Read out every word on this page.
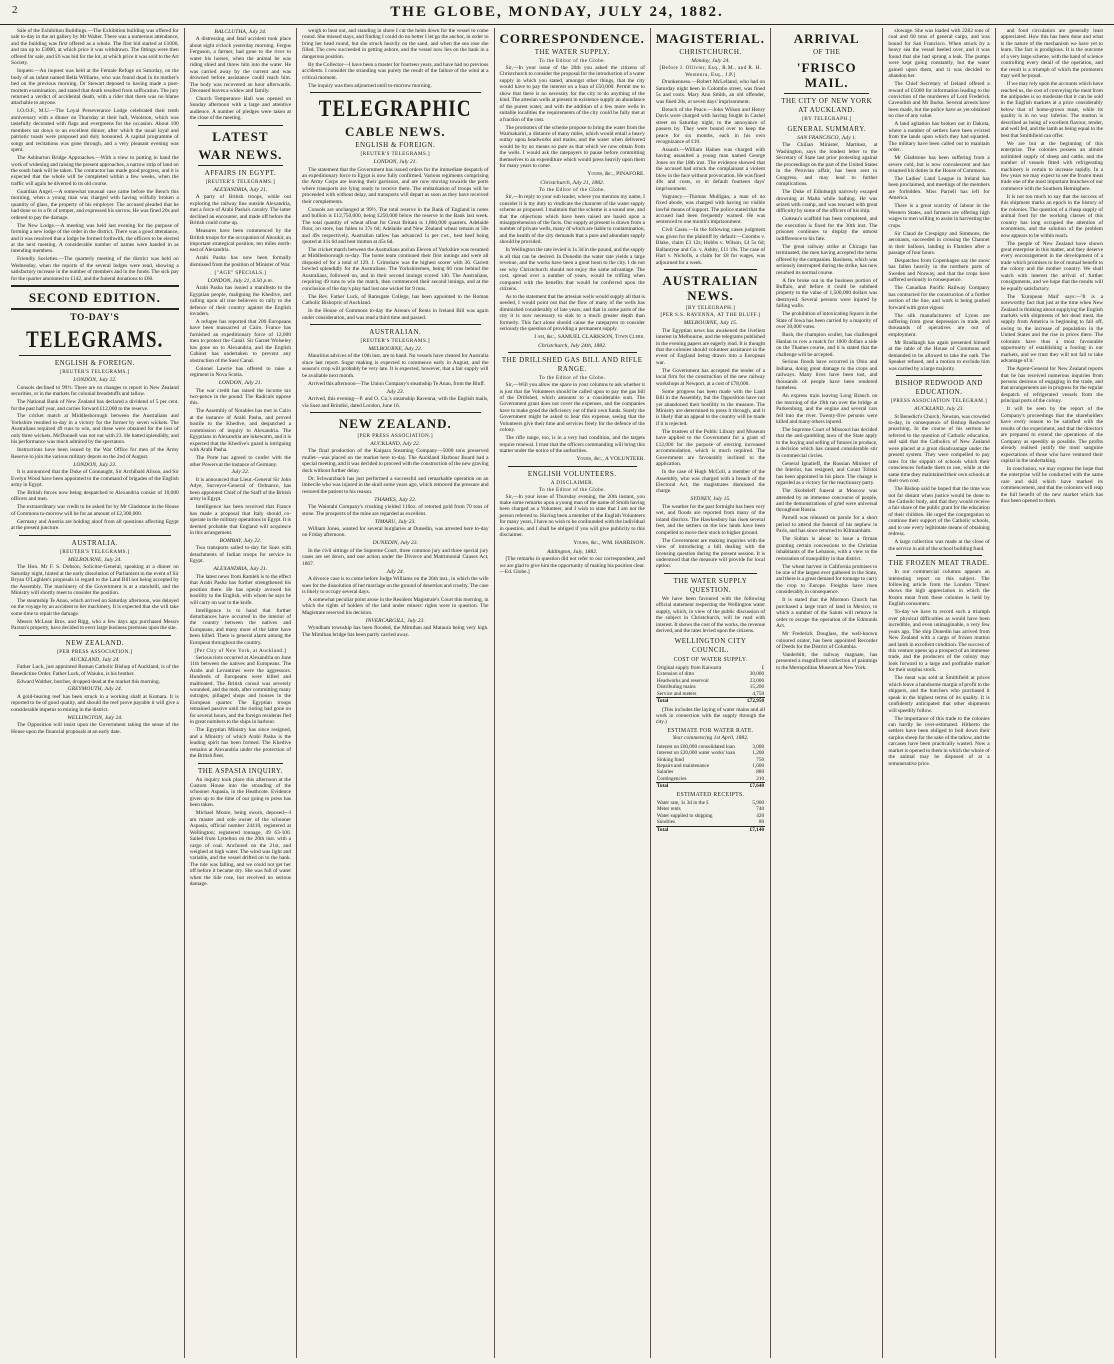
2	THE GLOBE, MONDAY, JULY 24, 1882.
Sale of the Exhibition Buildings.—The Exhibition building was offered for sale to-day in the art gallery by Mr Walter. There was a numerous attendance, and the building was first offered as a whole. The first bid started at £1000, and ran up to £3000, at which price it was withdrawn. The fittings were then offered for sale, and £6 was bid for the lot, at which price it was sold to the Art Society.
Inquest.—An inquest was held at the Female Refuge on Saturday, on the body of an infant named Bella Williams, who was found dead in its mother's bed on the previous morning. Dr Stewart deposed to having made a post-mortem examination, and stated that death resulted from suffocation. The jury returned a verdict of accidental death, with a rider that there was no blame attachable to anyone.
I.O.O.F., M.U.—The Loyal Perseverance Lodge celebrated their tenth anniversary with a dinner on Thursday at their hall, Woolston, which was tastefully decorated with flags and evergreens for the occasion. About 100 members sat down to an excellent dinner, after which the usual loyal and patriotic toasts were proposed and duly honoured. A capital programme of songs and recitations was gone through, and a very pleasant evening was spent.
The Ashburton Bridge Approaches.—With a view to putting in hand the work of widening and raising the present approaches, a narrow strip of land on the south bank will be taken. The contractor has made good progress, and it is expected that the whole will be completed within a few weeks, when the traffic will again be diverted to its old course.
Guardian Angel.—A somewhat unusual case came before the Bench this morning, when a young man was charged with having wilfully broken a quantity of glass, the property of his employer. The accused pleaded that he had done so in a fit of temper, and expressed his sorrow. He was fined 20s and ordered to pay the damage.
The New Lodge.—A meeting was held last evening for the purpose of forming a new lodge of the order in the district. There was a good attendance, and it was resolved that a lodge be formed forthwith, the officers to be elected at the next meeting. A considerable number of names were handed in as intending members.
Friendly Societies.—The quarterly meeting of the district was held on Wednesday, when the reports of the several lodges were read, showing a satisfactory increase in the number of members and in the funds. The sick pay for the quarter amounted to £142, and the funeral donations to £60.
SECOND EDITION.
TO-DAY'S
TELEGRAMS.
ENGLISH & FOREIGN.
[REUTER'S TELEGRAMS.]
LONDON, July 22.
Consols declined to 99½. There are no changes to report in New Zealand securities, or in the markets for colonial breadstuffs and tallow.
The National Bank of New Zealand has declared a dividend of 5 per cent. for the past half year, and carries forward £12,000 to the reserve.
The cricket match at Middlesborough between the Australians and Yorkshire resulted to-day in a victory for the former by seven wickets. The Australians required 49 runs to win, and these were obtained for the loss of only three wickets. McDonnell was not out with 23. He batted splendidly, and his performance was much admired by the spectators.
Instructions have been issued by the War Office for men of the Army Reserve to join the various military depots on the 2nd of August.
LONDON, July 23.
It is announced that the Duke of Connaught, Sir Archibald Alison, and Sir Evelyn Wood have been appointed to the command of brigades of the English army in Egypt.
The British forces now being despatched to Alexandria consist of 10,000 officers and men.
The extraordinary war credit to be asked for by Mr Gladstone in the House of Commons to-morrow will be for an amount of £2,300,000.
Germany and Austria are holding aloof from all questions affecting Egypt at the present juncture.
AUSTRALIA.
[REUTER'S TELEGRAMS.]
MELBOURNE, July 24.
The Hon. Mr F. S. Dobson, Solicitor-General, speaking at a dinner on Saturday night, hinted at the early dissolution of Parliament in the event of Sir Bryan O'Loghlen's proposals in regard to the Land Bill not being accepted by the Assembly. The machinery of the Government is at a standstill, and the Ministry will shortly meet to consider the position.
The steamship Te Anau, which arrived on Saturday afternoon, was delayed on the voyage by an accident to her machinery. It is expected that she will take some time to repair the damage.
Messrs McLean Bros. and Rigg, who a few days ago purchased Messrs Paxton's property, have decided to erect large business premises upon the site.
NEW ZEALAND.
[PER PRESS ASSOCIATION.]
AUCKLAND, July 24.
Father Luck, just appointed Roman Catholic Bishop of Auckland, is of the Benedictine Order. Father Luck, of Waiuku, is his brother.
Edward Walther, butcher, dropped dead at the market this morning.
GREYMOUTH, July 24.
A gold-bearing reef has been struck in a working shaft at Kumara. It is reported to be of good quality, and should the reef prove payable it will give a considerable impetus to mining in the district.
WELLINGTON, July 24.
The Opposition will insist upon the Government taking the sense of the House upon the financial proposals at an early date.
BALCLUTHA, July 24.
A distressing and fatal accident took place about eight o'clock yesterday morning. Fergus Ferguson, a farmer, had gone to the river to water his horses, when the animal he was riding shied and threw him into the water. He was carried away by the current and was drowned before assistance could reach him. The body was recovered an hour afterwards. Deceased leaves a widow and family.
Church Temperance Hall was opened on Sunday afternoon with a large and attentive audience. A number of pledges were taken at the close of the meeting.
LATEST
WAR NEWS.
AFFAIRS IN EGYPT.
[REUTER'S TELEGRAMS.]
ALEXANDRIA, July 21.
A party of British troops, while out exploring the railway line outside Alexandria, met a force of Arabi Pasha's cavalry. The latter declined an encounter, and made off before the British could come up.
Measures have been commenced by the British troops for the occupation of Aboukir, an important strategical position, ten miles north-east of Alexandria.
Arabi Pasha has now been formally dismissed from the position of Minister of War.
["AGE" SPECIALS.]
LONDON, July 21, 4.50 p.m.
Arabi Pasha has issued a manifesto to the Egyptian people, maligning the Khedive, and calling upon all true believers to rally to the defence of their country against the English invaders.
A refugee has reported that 200 Europeans have been massacred at Cairo. France has furnished an expeditionary force of 12,000 men to protect the Canal. Sir Garnet Wolseley has gone on to Alexandria, and the English Cabinet has undertaken to prevent any obstruction of the Suez Canal.
Colonel Lawrie has offered to raise a regiment in Nova Scotia.
LONDON, July 21.
The war credit has raised the income tax two-pence in the pound. The Radicals oppose this.
The Assembly of Notables has met in Cairo at the instance of Arabi Pasha, and proved hostile to the Khedive, and despatched a commission of inquiry to Alexandria. The Egyptians in Alexandria are lukewarm, and it is expected that the Khedive's guard is intriguing with Arabi Pasha.
The Porte has agreed to confer with the other Powers at the instance of Germany.
July 22.
It is announced that Lieut.-General Sir John Adye, Surveyor-General of Ordnance, has been appointed Chief of the Staff of the British army in Egypt.
Intelligence has been received that France has made a proposal that Italy should co-operate in the military operations in Egypt. It is deemed probable that England will acquiesce in this arrangement.
BOMBAY, July 22.
Two transports sailed to-day for Suez with detachments of Indian troops for service in Egypt.
ALEXANDRIA, July 21.
The latest news from Ramleh is to the effect that Arabi Pasha has further strengthened his position there. He has openly avowed his hostility to the English, with whom he says he will carry on war to the knife.
Intelligence is to hand that further disturbances have occurred in the interior of the country between the natives and Europeans, and many more of the latter have been killed. There is general alarm among the European throughout the country.
[Per City of New York, at Auckland.]
Serious riots occurred at Alexandria on June 11th between the natives and Europeans. The Arabs and Levantines were the aggressors. Hundreds of Europeans were killed and maltreated. The British consul was severely wounded, and the mob, after committing many outrages, pillaged shops and houses in the European quarter. The Egyptian troops remained passive until the rioting had gone on for several hours, and the foreign residents fled in great numbers to the ships in harbour.
The Egyptian Ministry has since resigned, and a Ministry of which Arabi Pasha is the leading spirit has been formed. The Khedive remains at Alexandria under the protection of the British fleet.
THE ASPASIA INQUIRY.
An inquiry took place this afternoon at the Custom House into the stranding of the schooner Aspasia, in the Heathcote. Evidence given up to the time of our going to press has been taken.
Michael Moore, being sworn, deposed—I am master and sole owner of the schooner Aspasia, official number 24410, registered at Wellington; registered tonnage, 49 63-100. Sailed from Lyttelton on the 20th inst. with a cargo of coal. Anchored on the 21st, and weighed at high water. The wind was light and variable, and the vessel drifted on to the bank. The tide was falling, and we could not get her off before it became dry. She was full of water when the tide rose, but received no serious damage.
weigh to beat out, and standing in shore I cut the helm down for the vessel to come round. She missed stays, and finding I could do no better I let go the anchor, in order to bring her head round, but she struck heavily on the sand, and when the sea rose she filled. The crew succeeded in getting ashore, and the vessel now lies on the bank in a dangerous position.
By the Collector—I have been a master for fourteen years, and have had no previous accidents. I consider the stranding was purely the result of the failure of the wind at a critical moment.
The inquiry was then adjourned until to-morrow morning.
TELEGRAPHIC
CABLE NEWS.
ENGLISH & FOREIGN.
[REUTER'S TELEGRAMS.]
LONDON, July 21.
The statement that the Government has issued orders for the immediate despatch of an expeditionary force to Egypt is now fully confirmed. Various regiments comprising the Army Corps are leaving their garrisons, and are now moving towards the ports where transports are lying ready to receive them. The embarkation of troops will be proceeded with without delay, and transports will depart as soon as they have received their complements.
Consols are unchanged at 99½. The total reserve in the Bank of England in notes and bullion is £12,750,000, being £250,000 below the reserve in the Bank last week. The total quantity of wheat afloat for Great Britain is 1,860,000 quarters. Adelaide flour, on store, has fallen to 37s 6d; Adelaide and New Zealand wheat remain at 50s and 49s respectively. Australian tallow has advanced 1s per cwt., best beef being quoted at 41s 6d and best mutton at 45s 6d.
The cricket match between the Australians and an Eleven of Yorkshire was resumed at Middlesborough to-day. The home team continued their first innings and were all disposed of for a total of 129. J. Grimshaw was the highest scorer with 36. Garrett bowled splendidly for the Australians. The Yorkshiremen, being 66 runs behind the Australians, followed on, and in their second innings scored 140. The Australians, requiring 49 runs to win the match, then commenced their second innings, and at the conclusion of the day's play had lost one wicket for 9 runs.
The Rev. Father Luck, of Ramsgate College, has been appointed to the Roman Catholic Bishopric of Auckland.
In the House of Commons to-day the Arrears of Rents in Ireland Bill was again under consideration, and was read a third time and passed.
AUSTRALIAN.
[REUTER'S TELEGRAMS.]
MELBOURNE, July 22.
Mauritius advices of the 10th inst. are to hand. No vessels have cleared for Australia since last report. Sugar making is expected to commence early in August, and the season's crop will probably be very late. It is expected, however, that a fair supply will be available next month.
Arrived this afternoon—The Union Company's steamship Te Anau, from the Bluff.
July 23.
Arrived, this evening—P. and O. Co.'s steamship Ravenna, with the English mails, via Suez and Brindisi, dated London, June 16.
NEW ZEALAND.
[PER PRESS ASSOCIATION.]
AUCKLAND, July 22.
The final production of the Kaipara Steaming Company—5000 tons preserved mullet—was placed on the market here to-day. The Auckland Harbour Board had a special meeting, and it was decided to proceed with the construction of the new graving dock without further delay.
Dr. Schwarzbach has just performed a successful and remarkable operation on an imbecile who was injured in the skull some years ago, which removed the pressure and restored the patient to his reason.
THAMES, July 22.
The Waiotahi Company's crushing yielded 116oz. of retorted gold from 70 tons of stone. The prospects of the mine are regarded as excellent.
TIMARU, July 23.
William Jones, wanted for several burglaries at Dunedin, was arrested here to-day on Friday afternoon.
DUNEDIN, July 23.
In the civil sittings of the Supreme Court, three common jury and three special jury cases are set down, and one action under the Divorce and Matrimonial Causes Act, 1867.
July 24.
A divorce case is to come before Judge Williams on the 26th inst., in which the wife sues for the dissolution of her marriage on the ground of desertion and cruelty. The case is likely to occupy several days.
A somewhat peculiar point arose in the Resident Magistrate's Court this morning, in which the rights of holders of the land under miners' rights were in question. The Magistrate reserved his decision.
INVERCARGILL, July 23.
Wyndham township has been flooded, the Mimihau and Mataura being very high. The Mimihau bridge has been partly carried away.
CORRESPONDENCE.
THE WATER SUPPLY.
To the Editor of the Globe.
Sir,—In your issue of the 20th you asked the citizens of Christchurch to consider the proposal for the introduction of a water supply in which you stated, amongst other things, that the city would have to pay the interest on a loan of £50,000. Permit me to show that there is no necessity for the city to do anything of the kind. The artesian wells at present in existence supply an abundance of the purest water, and with the addition of a few more wells in suitable localities the requirements of the city could be fully met at a fraction of the cost.
The promoters of the scheme propose to bring the water from the Waimakariri, a distance of many miles, which would entail a heavy outlay upon headworks and mains, and the water when delivered would be by no means so pure as that which we now obtain from the wells. I would ask the ratepayers to pause before committing themselves to an expenditure which would press heavily upon them for many years to come.
Yours, &c., PINAFORE.
Christchurch, July 21, 1882.
To the Editor of the Globe.
Sir,—In reply to your sub leader, where you mention my name, I consider it is my duty to vindicate the character of the water supply scheme as proposed. I maintain that the scheme is a sound one, and that the objections which have been raised are based upon a misapprehension of the facts. Our supply at present is drawn from a number of private wells, many of which are liable to contamination, and the health of the city demands that a pure and abundant supply should be provided.
In Wellington the rate levied is 1s 3d in the pound, and the supply is all that can be desired. In Dunedin the water rate yields a large revenue, and the works have been a great boon to the city. I do not see why Christchurch should not enjoy the same advantage. The cost, spread over a number of years, would be trifling when compared with the benefits that would be conferred upon the citizens.
As to the statement that the artesian wells would supply all that is needed, I would point out that the flow of many of the wells has diminished considerably of late years, and that in some parts of the city it is now necessary to sink to a much greater depth than formerly. This fact alone should cause the ratepayers to consider seriously the question of providing a permanent supply.
I am, &c., SAMUEL CLARKSON, Town Clerk.
Christchurch, July 24th, 1882.
THE DRILLSHED GAS BILL AND RIFLE RANGE.
To the Editor of the Globe.
Sir,—Will you allow me space in your columns to ask whether it is just that the Volunteers should be called upon to pay the gas bill of the Drillshed, which amounts to a considerable sum. The Government grant does not cover the expenses, and the companies have to make good the deficiency out of their own funds. Surely the Government might be asked to bear this expense, seeing that the Volunteers give their time and services freely for the defence of the colony.
The rifle range, too, is in a very bad condition, and the targets require renewal. I trust that the officers commanding will bring this matter under the notice of the authorities.
Yours, &c., A VOLUNTEER.
ENGLISH VOLUNTEERS.
A DISCLAIMER.
To the Editor of the Globe.
Sir,—In your issue of Thursday evening, the 20th instant, you make some remarks upon a young man of the name of Smith having been charged as a Volunteer, and I wish to state that I am not the person referred to. Having been a member of the English Volunteers for many years, I have no wish to be confounded with the individual in question, and I shall be obliged if you will give publicity to this disclaimer.
Yours, &c., WM. HARRISON.
Addington, July, 1882.
[The remarks in question did not refer to our correspondent, and we are glad to give him the opportunity of making his position clear.—Ed. Globe.]
MAGISTERIAL.
CHRISTCHURCH.
Monday, July 24.
[Before J. Ollivier, Esq., R.M., and R. H. Westenra, Esq., J.P.]
Drunkenness.—Robert McLelland, who had on Saturday night been in Colombo street, was fined 5s and costs. Mary Ann Smith, an old offender, was fined 20s, or seven days' imprisonment.
Breach of the Peace.—John Wilson and Henry Davis were charged with having fought in Cashel street on Saturday night, to the annoyance of passers by. They were bound over to keep the peace for six months, each in his own recognizance of £10.
Assault.—William Haines was charged with having assaulted a young man named George Jones on the 18th inst. The evidence showed that the accused had struck the complainant a violent blow in the face without provocation. He was fined 40s and costs, or in default fourteen days' imprisonment.
Vagrancy.—Thomas Mulligan, a man of no fixed abode, was charged with having no visible lawful means of support. The police stated that the accused had been frequently warned. He was sentenced to one month's imprisonment.
Civil Cases.—In the following cases judgment was given for the plaintiff by default:—Coombs v. Blake, claim £3 12s; Hobbs v. Wilson, £4 5s 6d; Ballantyne and Co. v. Ashby, £11 19s. The case of Hart v. Nicholls, a claim for £8 for wages, was adjourned for a week.
AUSTRALIAN NEWS.
[BY TELEGRAPH.]
[PER S.S. RAVENNA, AT THE BLUFF.]
MELBOURNE, July 15.
The Egyptian news has awakened the liveliest interest in Melbourne, and the telegrams published in the evening papers are eagerly read. It is thought that the colonies should volunteer assistance in the event of England being drawn into a European war.
The Government has accepted the tender of a local firm for the construction of the new railway workshops at Newport, at a cost of £78,000.
Some progress has been made with the Land Bill in the Assembly, but the Opposition have not yet abandoned their hostility to the measure. The Ministry are determined to press it through, and it is likely that an appeal to the country will be made if it is rejected.
The trustees of the Public Library and Museum have applied to the Government for a grant of £12,000 for the purpose of erecting increased accommodation, which is much required. The Government are favourably inclined to the application.
In the case of Hugh McColl, a member of the Assembly, who was charged with a breach of the Electoral Act, the magistrates dismissed the charge.
SYDNEY, July 15.
The weather for the past fortnight has been very wet, and floods are reported from many of the inland districts. The Hawkesbury has risen several feet, and the settlers on the low lands have been compelled to move their stock to higher ground.
The Government are making inquiries with the view of introducing a bill dealing with the licensing question during the present session. It is understood that the measure will provide for local option.
THE WATER SUPPLY QUESTION.
We have been favoured with the following official statement respecting the Wellington water supply, which, in view of the public discussion of the subject in Christchurch, will be read with interest. It shows the cost of the works, the revenue derived, and the rates levied upon the citizens.
WELLINGTON CITY COUNCIL.
COST OF WATER SUPPLY.
Original supply from Kaiwarra	£
Extension of ditto	30,000
Headworks and reservoir	23,000
Distributing mains	15,200
Service and meters	4,750
Total	£72,950
(This includes the laying of water mains and all work in connection with the supply through the city.)
ESTIMATE FOR WATER RATE.
Year commencing 1st April, 1882.
Interest on £60,000 consolidated loan	3,000
Interest on £20,000 water works' loan	1,200
Sinking fund	750
Repairs and maintenance	1,600
Salaries	880
Contingencies	210
Total	£7,640
ESTIMATED RECEIPTS.
Water rate, 1s 3d in the £	5,900
Meter rents	740
Water supplied to shipping	420
Sundries	80
Total	£7,140
ARRIVAL
OF THE
'FRISCO MAIL.
THE CITY OF NEW YORK AT AUCKLAND.
[BY TELEGRAPH.]
GENERAL SUMMARY.
SAN FRANCISCO, July 1.
The Chilian Minister, Martinez, at Washington, says the loudest letter to the Secretary of State last prior protesting against the proceedings on the part of the United States in the Peruvian affair, has been sent to Congress, and may lead to further complications.
The Duke of Edinburgh narrowly escaped drowning at Malta while bathing. He was seized with cramp, and was rescued with great difficulty by some of the officers of his ship.
Guiteau's scaffold has been completed, and the execution is fixed for the 30th inst. The prisoner continues to display the utmost indifference to his fate.
The great railway strike at Chicago has terminated, the men having accepted the terms offered by the companies. Business, which was seriously interrupted during the strike, has now resumed its normal course.
A fire broke out in the business portion of Buffalo, and before it could be subdued property to the value of 1,500,000 dollars was destroyed. Several persons were injured by falling walls.
The prohibition of intoxicating liquors in the State of Iowa has been carried by a majority of over 30,000 votes.
Rush, the champion sculler, has challenged Hanlan to row a match for 1000 dollars a side on the Thames course, and it is stated that the challenge will be accepted.
Serious floods have occurred in Ohio and Indiana, doing great damage to the crops and railways. Many lives have been lost, and thousands of people have been rendered homeless.
An express train leaving Long Branch on the morning of the 19th ran over the bridge at Parkersburg, and the engine and several cars fell into the river. Twenty-five persons were killed and many others injured.
The Supreme Court of Missouri has decided that the anti-gambling laws of the State apply to the buying and selling of futures in produce, a decision which has caused considerable stir in commercial circles.
General Ignatieff, the Russian Minister of the Interior, has resigned, and Count Tolstoi has been appointed in his place. The change is regarded as a victory for the reactionary party.
The Skobeleff funeral at Moscow was attended by an immense concourse of people, and the demonstrations of grief were universal throughout Russia.
Parnell was released on parole for a short period to attend the funeral of his nephew in Paris, and has since returned to Kilmainham.
The Sultan is about to issue a firman granting certain concessions to the Christian inhabitants of the Lebanon, with a view to the restoration of tranquillity in that district.
The wheat harvest in California promises to be one of the largest ever gathered in the State, and there is a great demand for tonnage to carry the crop to Europe. Freights have risen considerably in consequence.
It is stated that the Mormon Church has purchased a large tract of land in Mexico, to which a number of the Saints will remove in order to escape the operation of the Edmunds Act.
Mr Frederick Douglass, the well-known coloured orator, has been appointed Recorder of Deeds for the District of Columbia.
Vanderbilt, the railway magnate, has presented a magnificent collection of paintings to the Metropolitan Museum at New York.
slowage. She was loaded with 2282 tons of coal and 60 tons of general cargo, and was bound for San Francisco. When struck by a heavy sea the vessel heeled over, and it was found that she had sprung a leak. The pumps were kept going constantly, but the water gained upon them, and it was decided to abandon her.
The Chief Secretary of Ireland offered a reward of £5000 for information leading to the conviction of the murderers of Lord Frederick Cavendish and Mr Burke. Several arrests have been made, but the police have as yet obtained no clue of any value.
A land agitation has broken out in Dakota, where a number of settlers have been evicted from the lands upon which they had squatted. The military have been called out to maintain order.
Mr Gladstone has been suffering from a severe cold, but is now convalescent and has resumed his duties in the House of Commons.
The Ladies' Land League in Ireland has been proclaimed, and meetings of the members are forbidden. Miss Parnell has left for America.
There is a great scarcity of labour in the Western States, and farmers are offering high wages to men willing to assist in harvesting the crops.
Sir Claud de Crespigny and Simmons, the aeronauts, succeeded in crossing the Channel in their balloon, landing in Flanders after a passage of four hours.
Despatches from Copenhagen say the snow has fallen heavily in the northern parts of Sweden and Norway, and that the crops have suffered seriously in consequence.
The Canadian Pacific Railway Company has contracted for the construction of a further section of the line, and work is being pushed forward with great vigour.
The silk manufacturers of Lyons are suffering from great depression in trade, and thousands of operatives are out of employment.
Mr Bradlaugh has again presented himself at the table of the House of Commons and demanded to be allowed to take the oath. The Speaker refused, and a motion to exclude him was carried by a large majority.
BISHOP REDWOOD AND EDUCATION.
[PRESS ASSOCIATION TELEGRAM.]
AUCKLAND, July 23.
St Benedict's Church, Newton, was crowded to-day, in consequence of Bishop Redwood preaching. In the course of his sermon he referred to the question of Catholic education, and said that the Catholics of New Zealand were placed at a great disadvantage under the present system. They were compelled to pay rates for the support of schools which their consciences forbade them to use, while at the same time they maintained their own schools at their own cost.
The Bishop said he hoped that the time was not far distant when justice would be done to the Catholic body, and that they would receive a fair share of the public grant for the education of their children. He urged the congregation to continue their support of the Catholic schools, and to use every legitimate means of obtaining redress.
A large collection was made at the close of the service in aid of the school building fund.
THE FROZEN MEAT TRADE.
In our commercial columns appears an interesting report on this subject. The following article from the London 'Times' shows the high appreciation in which the frozen meat from these colonies is held by English consumers.
To-day we have to record such a triumph over physical difficulties as would have been incredible, and even unimaginable, a very few years ago. The ship Dunedin has arrived from New Zealand with a cargo of frozen mutton and lamb in excellent condition. The success of this venture opens up a prospect of an immense trade, and the producers of the colony may look forward to a large and profitable market for their surplus stock.
The meat was sold at Smithfield at prices which leave a handsome margin of profit to the shippers, and the butchers who purchased it speak in the highest terms of its quality. It is confidently anticipated that other shipments will speedily follow.
The importance of this trade to the colonies can hardly be over-estimated. Hitherto the settlers have been obliged to boil down their surplus sheep for the sake of the tallow, and the carcases have been practically wasted. Now a market is opened to them in which the whole of the animal may be disposed of at a remunerative price.
and food circulation are generally least appreciated. How this has been done and what is the nature of the mechanism we have yet to learn. The fact is prodigious. It is the outcome of a very large scheme, with the hand of science controlling every detail of the operation, and the result is a triumph of which the promoters may well be proud.
If we may rely upon the accounts which have reached us, the cost of conveying the meat from the antipodes is so moderate that it can be sold in the English markets at a price considerably below that of home-grown meat, while its quality is in no way inferior. The mutton is described as being of excellent flavour, tender, and well fed, and the lamb as being equal to the best that Smithfield can offer.
We are but at the beginning of this enterprise. The colonies possess an almost unlimited supply of sheep and cattle, and the number of vessels fitted with refrigerating machinery is certain to increase rapidly. In a few years we may expect to see the frozen meat trade one of the most important branches of our commerce with the Southern Hemisphere.
It is not too much to say that the success of this shipment marks an epoch in the history of the colonies. The question of a cheap supply of animal food for the working classes of this country has long occupied the attention of economists, and the solution of the problem now appears to be within reach.
The people of New Zealand have shown great enterprise in this matter, and they deserve every encouragement in the development of a trade which promises to be of mutual benefit to the colony and the mother country. We shall watch with interest the arrival of further consignments, and we hope that the results will be equally satisfactory.
The 'European Mail' says:—'It is a noteworthy fact that just at the time when New Zealand is thinking about supplying the English markets with shipments of her dead meat, the supply from America is beginning to fall off, owing to the increase of population in the United States and the rise in prices there. The colonists have thus a most favourable opportunity of establishing a footing in our markets, and we trust they will not fail to take advantage of it.'
The Agent-General for New Zealand reports that he has received numerous inquiries from persons desirous of engaging in the trade, and that arrangements are in progress for the regular despatch of refrigerated vessels from the principal ports of the colony.
It will be seen by the report of the Company's proceedings that the shareholders have every reason to be satisfied with the results of the experiment, and that the directors are prepared to extend the operations of the Company as speedily as possible. The profits already realised justify the most sanguine expectations of those who have ventured their capital in the undertaking.
In conclusion, we may express the hope that the enterprise will be conducted with the same care and skill which have marked its commencement, and that the colonists will reap the full benefit of the new market which has thus been opened to them.
